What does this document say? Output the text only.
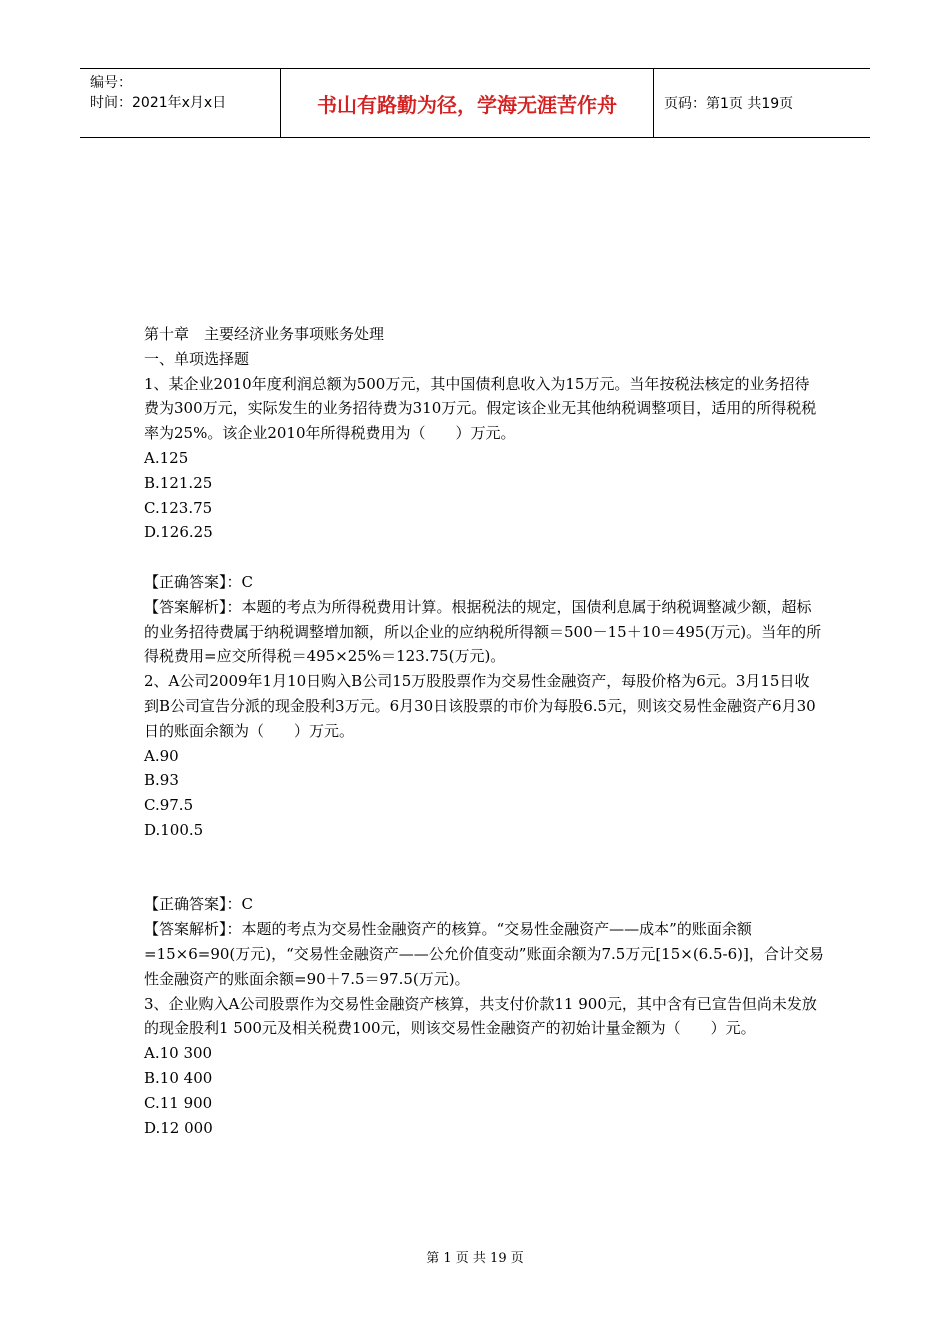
编号：
时间：2021年x月x日	书山有路勤为径，学海无涯苦作舟	页码：第1页 共19页

第十章　主要经济业务事项账务处理

一、单项选择题

1、某企业2010年度利润总额为500万元，其中国债利息收入为15万元。当年按税法核定的业务招待费为300万元，实际发生的业务招待费为310万元。假定该企业无其他纳税调整项目，适用的所得税税率为25%。该企业2010年所得税费用为（　　）万元。

A.125

B.121.25

C.123.75

D.126.25

【正确答案】：C

【答案解析】：本题的考点为所得税费用计算。根据税法的规定，国债利息属于纳税调整减少额，超标的业务招待费属于纳税调整增加额，所以企业的应纳税所得额＝500－15＋10＝495(万元)。当年的所得税费用=应交所得税＝495×25%＝123.75(万元)。

2、A公司2009年1月10日购入B公司15万股股票作为交易性金融资产，每股价格为6元。3月15日收到B公司宣告分派的现金股利3万元。6月30日该股票的市价为每股6.5元，则该交易性金融资产6月30日的账面余额为（　　）万元。

A.90

B.93

C.97.5

D.100.5

【正确答案】：C

【答案解析】：本题的考点为交易性金融资产的核算。“交易性金融资产——成本”的账面余额=15×6=90(万元)，“交易性金融资产——公允价值变动”账面余额为7.5万元[15×(6.5-6)]，合计交易性金融资产的账面余额=90＋7.5＝97.5(万元)。

3、企业购入A公司股票作为交易性金融资产核算，共支付价款11 900元，其中含有已宣告但尚未发放的现金股利1 500元及相关税费100元，则该交易性金融资产的初始计量金额为（　　）元。

A.10 300

B.10 400

C.11 900

D.12 000

第 1 页 共 19 页
